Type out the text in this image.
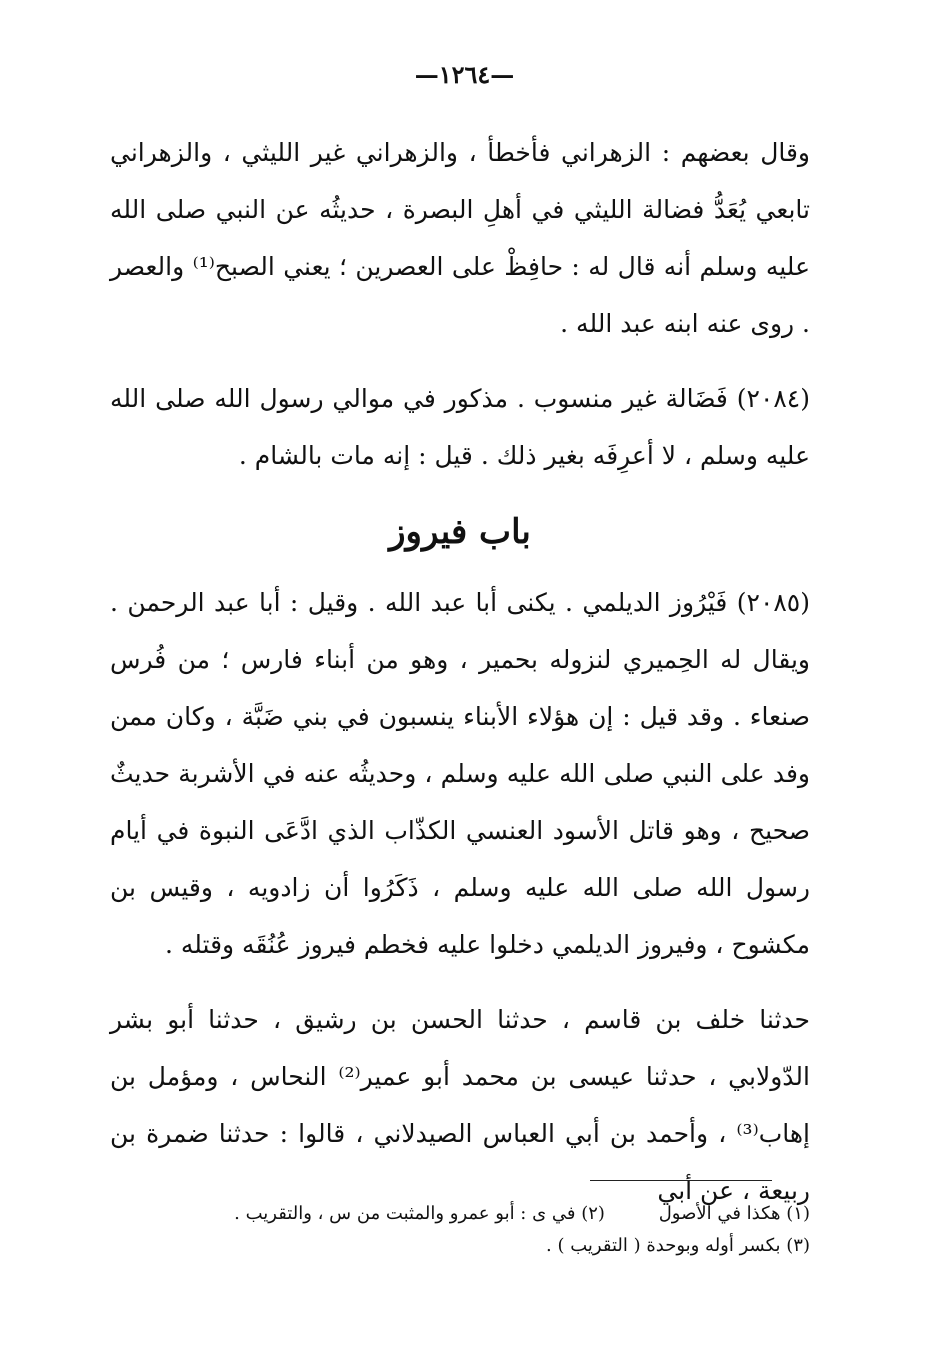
—١٢٦٤—

وقال بعضهم : الزهراني فأخطأ ، والزهراني غير الليثي ، والزهراني تابعي يُعَدُّ فضالة الليثي في أهلِ البصرة ، حديثُه عن النبي صلى الله عليه وسلم أنه قال له : حافِظْ على العصرين ؛ يعني الصبح⁽¹⁾ والعصر . روى عنه ابنه عبد الله .

(٢٠٨٤) فَضَالة غير منسوب . مذكور في موالي رسول الله صلى الله عليه وسلم ، لا أعرِفَه بغير ذلك . قيل : إنه مات بالشام .

باب فيروز

(٢٠٨٥) فَيْرُوز الديلمي . يكنى أبا عبد الله . وقيل : أبا عبد الرحمن . ويقال له الحِميري لنزوله بحمير ، وهو من أبناء فارس ؛ من فُرس صنعاء . وقد قيل : إن هؤلاء الأبناء ينسبون في بني ضَبَّة ، وكان ممن وفد على النبي صلى الله عليه وسلم ، وحديثُه عنه في الأشربة حديثٌ صحيح ، وهو قاتل الأسود العنسي الكذّاب الذي ادَّعَى النبوة في أيام رسول الله صلى الله عليه وسلم ، ذَكَرُوا أن زادويه ، وقيس بن مكشوح ، وفيروز الديلمي دخلوا عليه فخطم فيروز عُنُقَه وقتله .

حدثنا خلف بن قاسم ، حدثنا الحسن بن رشيق ، حدثنا أبو بشر الدّولابي ، حدثنا عيسى بن محمد أبو عمير⁽²⁾ النحاس ، ومؤمل بن إهاب⁽³⁾ ، وأحمد بن أبي العباس الصيدلاني ، قالوا : حدثنا ضمرة بن ربيعة ، عن أبي

(١) هكذا في الأصول (٢) في ى : أبو عمرو والمثبت من س ، والتقريب .
(٣) بكسر أوله وبوحدة ( التقريب ) .
